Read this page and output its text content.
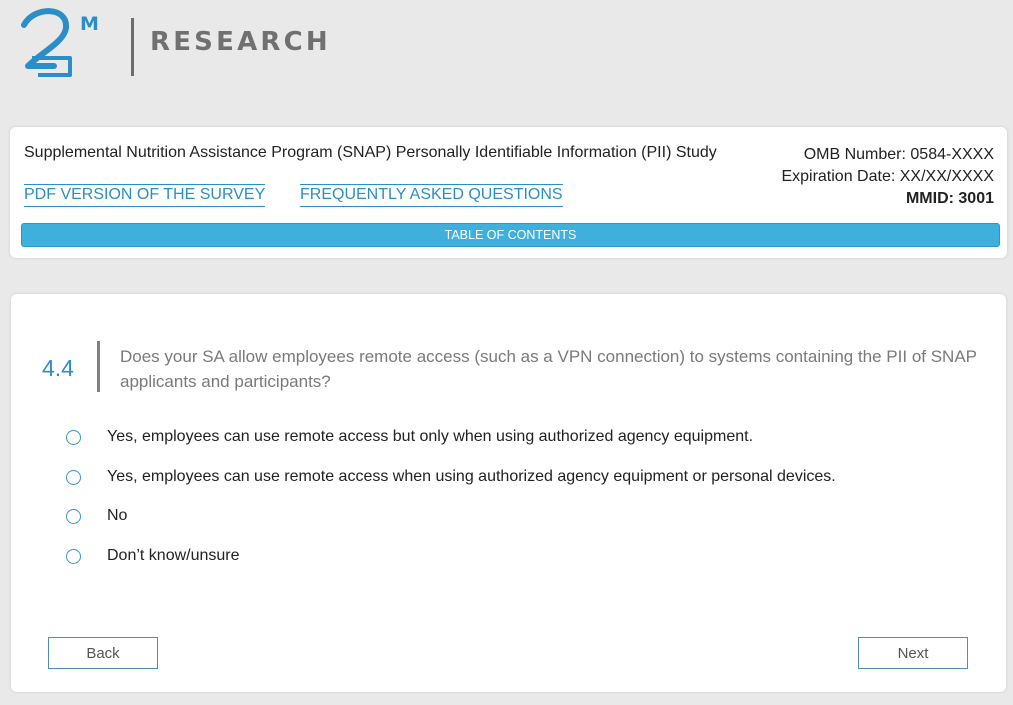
M
RESEARCH
Supplemental Nutrition Assistance Program (SNAP) Personally Identifiable Information (PII) Study
PDF VERSION OF THE SURVEY FREQUENTLY ASKED QUESTIONS
OMB Number: 0584-XXXX
Expiration Date: XX/XX/XXXX
MMID: 3001
TABLE OF CONTENTS
4.4	Does your SA allow employees remote access (such as a VPN connection) to systems containing the PII of SNAP applicants and participants?
Yes, employees can use remote access but only when using authorized agency equipment.
Yes, employees can use remote access when using authorized agency equipment or personal devices.
No
Don’t know/unsure
Back	Next
